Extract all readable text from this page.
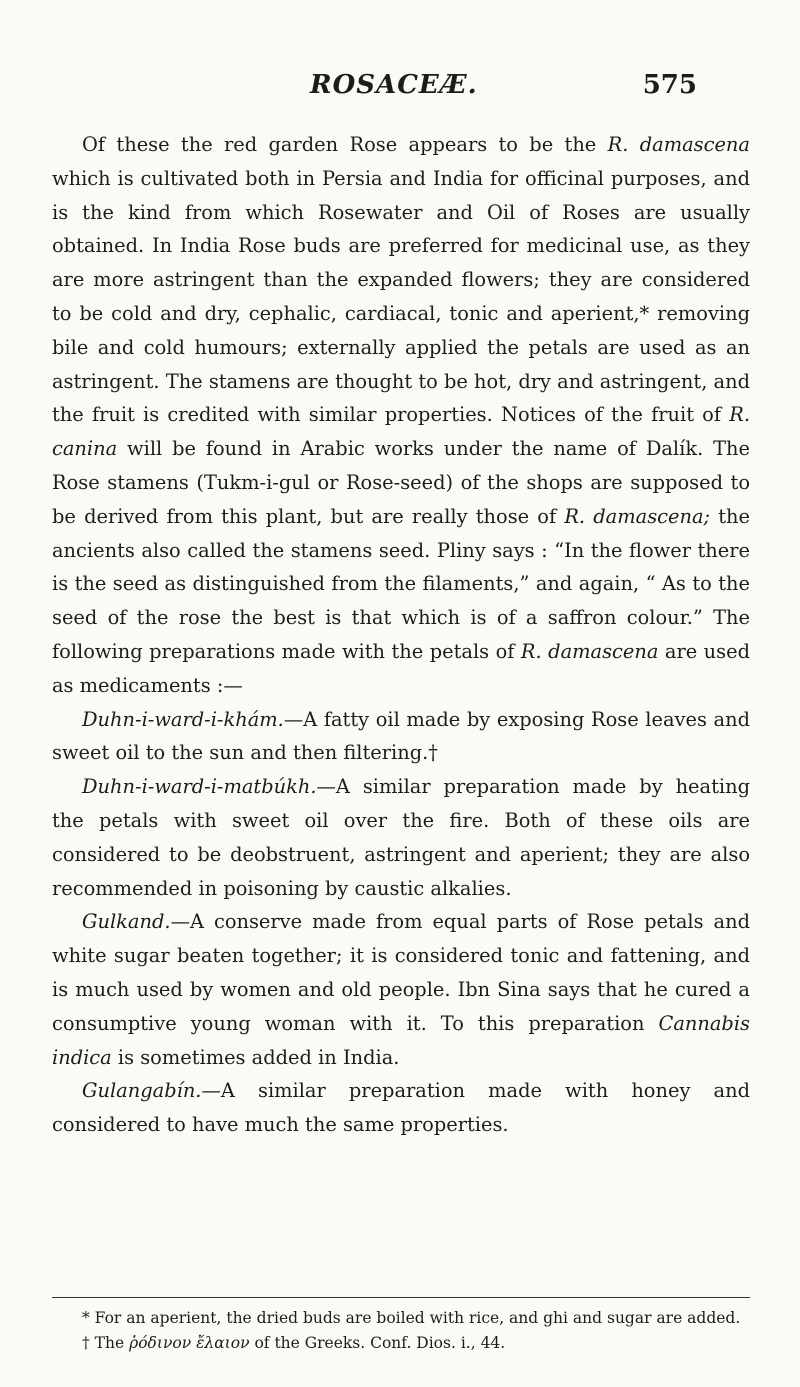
ROSACEÆ.	575

Of these the red garden Rose appears to be the R. damascena which is cultivated both in Persia and India for officinal purposes, and is the kind from which Rosewater and Oil of Roses are usually obtained. In India Rose buds are preferred for medicinal use, as they are more astringent than the expanded flowers; they are considered to be cold and dry, cephalic, cardiacal, tonic and aperient,* removing bile and cold humours; externally applied the petals are used as an astringent. The stamens are thought to be hot, dry and astringent, and the fruit is credited with similar properties. Notices of the fruit of R. canina will be found in Arabic works under the name of Dalík. The Rose stamens (Tukm-i-gul or Rose-seed) of the shops are supposed to be derived from this plant, but are really those of R. damascena; the ancients also called the stamens seed. Pliny says : “In the flower there is the seed as distinguished from the filaments,” and again, “ As to the seed of the rose the best is that which is of a saffron colour.” The following preparations made with the petals of R. damascena are used as medicaments :—

Duhn-i-ward-i-khám.—A fatty oil made by exposing Rose leaves and sweet oil to the sun and then filtering.†

Duhn-i-ward-i-matbúkh.—A similar preparation made by heating the petals with sweet oil over the fire. Both of these oils are considered to be deobstruent, astringent and aperient; they are also recommended in poisoning by caustic alkalies.

Gulkand.—A conserve made from equal parts of Rose petals and white sugar beaten together; it is considered tonic and fattening, and is much used by women and old people. Ibn Sina says that he cured a consumptive young woman with it. To this preparation Cannabis indica is sometimes added in India.

Gulangabín.—A similar preparation made with honey and considered to have much the same properties.

* For an aperient, the dried buds are boiled with rice, and ghi and sugar are added.

† The ῥόδινον ἔλαιον of the Greeks. Conf. Dios. i., 44.
